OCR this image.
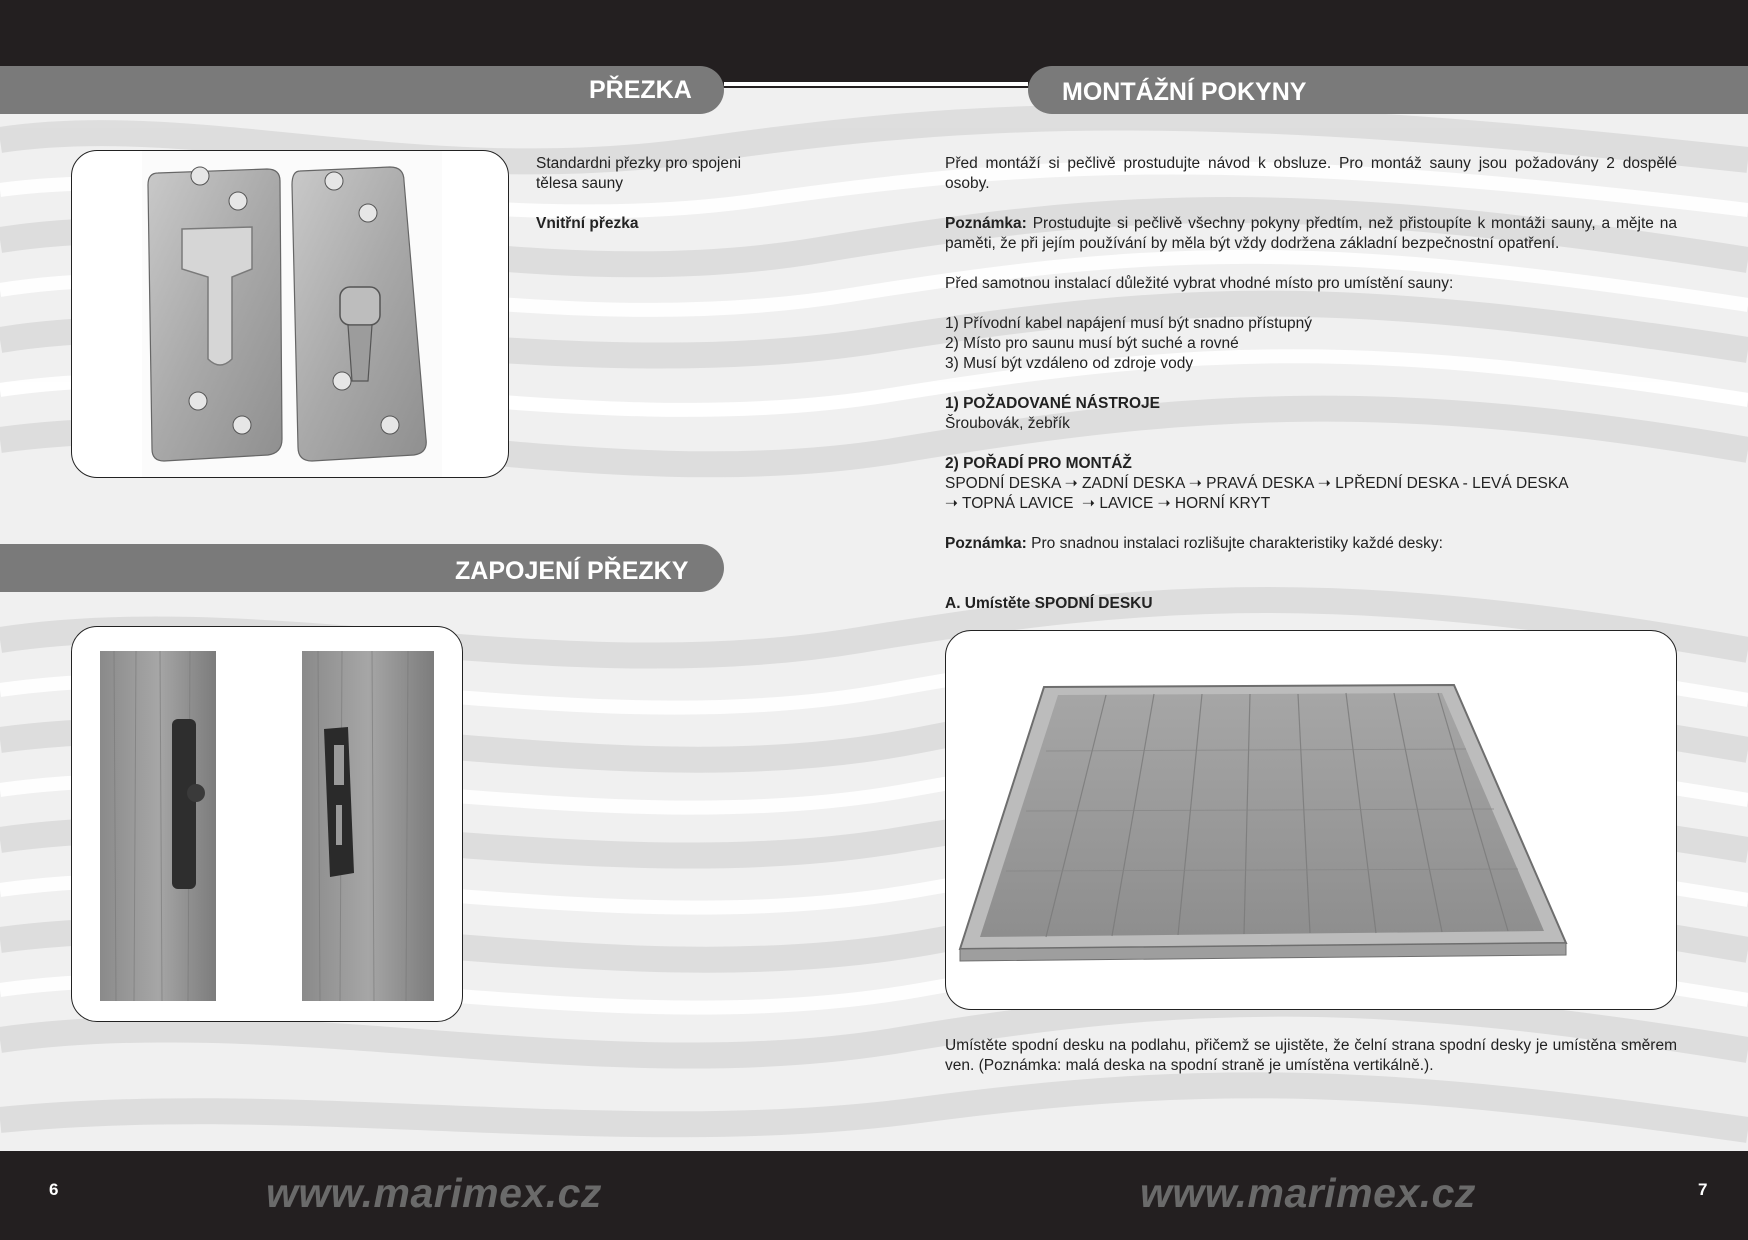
PŘEZKA	MONTÁŽNÍ POKYNY
ZAPOJENÍ PŘEZKY

Standardni přezky pro spojeni

tělesa sauny

Vnitřní přezka

Před montáží si pečlivě prostudujte návod k obsluze. Pro montáž sauny jsou požadovány 2 dospělé osoby.

Poznámka: Prostudujte si pečlivě všechny pokyny předtím, než přistoupíte k montáži sauny, a mějte na paměti, že při jejím používání by měla být vždy dodržena základní bezpečnostní opatření.

Před samotnou instalací důležité vybrat vhodné místo pro umístění sauny:

1) Přívodní kabel napájení musí být snadno přístupný

2) Místo pro saunu musí být suché a rovné

3) Musí být vzdáleno od zdroje vody

1) POŽADOVANÉ NÁSTROJE

Šroubovák, žebřík

2) POŘADÍ PRO MONTÁŽ

SPODNÍ DESKA ➝ ZADNÍ DESKA ➝ PRAVÁ DESKA ➝ LPŘEDNÍ DESKA - LEVÁ DESKA

➝ TOPNÁ LAVICE  ➝ LAVICE ➝ HORNÍ KRYT

Poznámka: Pro snadnou instalaci rozlišujte charakteristiky každé desky:

A. Umístěte SPODNÍ DESKU
Umístěte spodní desku na podlahu, přičemž se ujistěte, že čelní strana spodní desky je umístěna směrem ven. (Poznámka: malá deska na spodní straně je umístěna vertikálně.).
6	www.marimex.cz	www.marimex.cz	7
